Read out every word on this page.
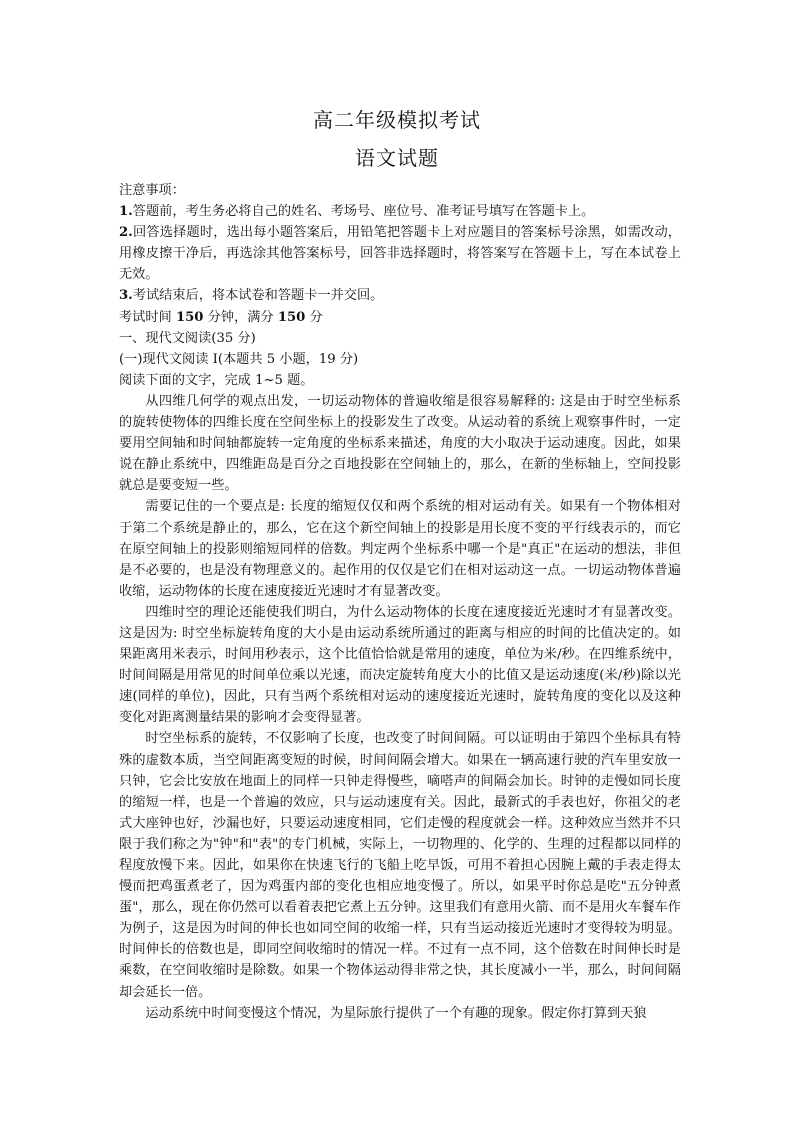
高二年级模拟考试
语文试题

注意事项：

1.答题前，考生务必将自己的姓名、考场号、座位号、准考证号填写在答题卡上。

2.回答选择题时，选出每小题答案后，用铅笔把答题卡上对应题目的答案标号涂黑，如需改动，用橡皮擦干净后，再选涂其他答案标号，回答非选择题时，将答案写在答题卡上，写在本试卷上无效。

3.考试结束后，将本试卷和答题卡一并交回。

考试时间 150 分钟，满分 150 分

一、现代文阅读(35 分)

(一)现代文阅读 I(本题共 5 小题，19 分)

阅读下面的文字，完成 1~5 题。

从四维几何学的观点出发，一切运动物体的普遍收缩是很容易解释的: 这是由于时空坐标系的旋转使物体的四维长度在空间坐标上的投影发生了改变。从运动着的系统上观察事件时，一定要用空间轴和时间轴都旋转一定角度的坐标系来描述，角度的大小取决于运动速度。因此，如果说在静止系统中，四维距岛是百分之百地投影在空间轴上的，那么，在新的坐标轴上，空间投影就总是要变短一些。

需要记住的一个要点是: 长度的缩短仅仅和两个系统的相对运动有关。如果有一个物体相对于第二个系统是静止的，那么，它在这个新空间轴上的投影是用长度不变的平行线表示的，而它在原空间轴上的投影则缩短同样的倍数。判定两个坐标系中哪一个是"真正"在运动的想法，非但是不必要的，也是没有物理意义的。起作用的仅仅是它们在相对运动这一点。一切运动物体普遍收缩，运动物体的长度在速度接近光速时才有显著改变。

四维时空的理论还能使我们明白，为什么运动物体的长度在速度接近光速时才有显著改变。这是因为: 时空坐标旋转角度的大小是由运动系统所通过的距离与相应的时间的比值决定的。如果距离用米表示，时间用秒表示，这个比值恰恰就是常用的速度，单位为米/秒。在四维系统中，时间间隔是用常见的时间单位乘以光速，而决定旋转角度大小的比值又是运动速度(米/秒)除以光速(同样的单位)，因此，只有当两个系统相对运动的速度接近光速时，旋转角度的变化以及这种变化对距离测量结果的影响才会变得显著。

时空坐标系的旋转，不仅影响了长度，也改变了时间间隔。可以证明由于第四个坐标具有特殊的虚数本质，当空间距离变短的时候，时间间隔会增大。如果在一辆高速行驶的汽车里安放一只钟，它会比安放在地面上的同样一只钟走得慢些，嘀嗒声的间隔会加长。时钟的走慢如同长度的缩短一样，也是一个普遍的效应，只与运动速度有关。因此，最新式的手表也好，你祖父的老式大座钟也好，沙漏也好，只要运动速度相同，它们走慢的程度就会一样。这种效应当然并不只限于我们称之为"钟"和"表"的专门机械，实际上，一切物理的、化学的、生理的过程都以同样的程度放慢下来。因此，如果你在快速飞行的飞船上吃早饭，可用不着担心因腕上戴的手表走得太慢而把鸡蛋煮老了，因为鸡蛋内部的变化也相应地变慢了。所以，如果平时你总是吃"五分钟煮蛋"，那么，现在你仍然可以看着表把它煮上五分钟。这里我们有意用火箭、而不是用火车餐车作为例子，这是因为时间的伸长也如同空间的收缩一样，只有当运动接近光速时才变得较为明显。时间伸长的倍数也是，即同空间收缩时的情况一样。不过有一点不同，这个倍数在时间伸长时是乘数，在空间收缩时是除数。如果一个物体运动得非常之快，其长度减小一半，那么，时间间隔却会延长一倍。

运动系统中时间变慢这个情况，为星际旅行提供了一个有趣的现象。假定你打算到天狼
